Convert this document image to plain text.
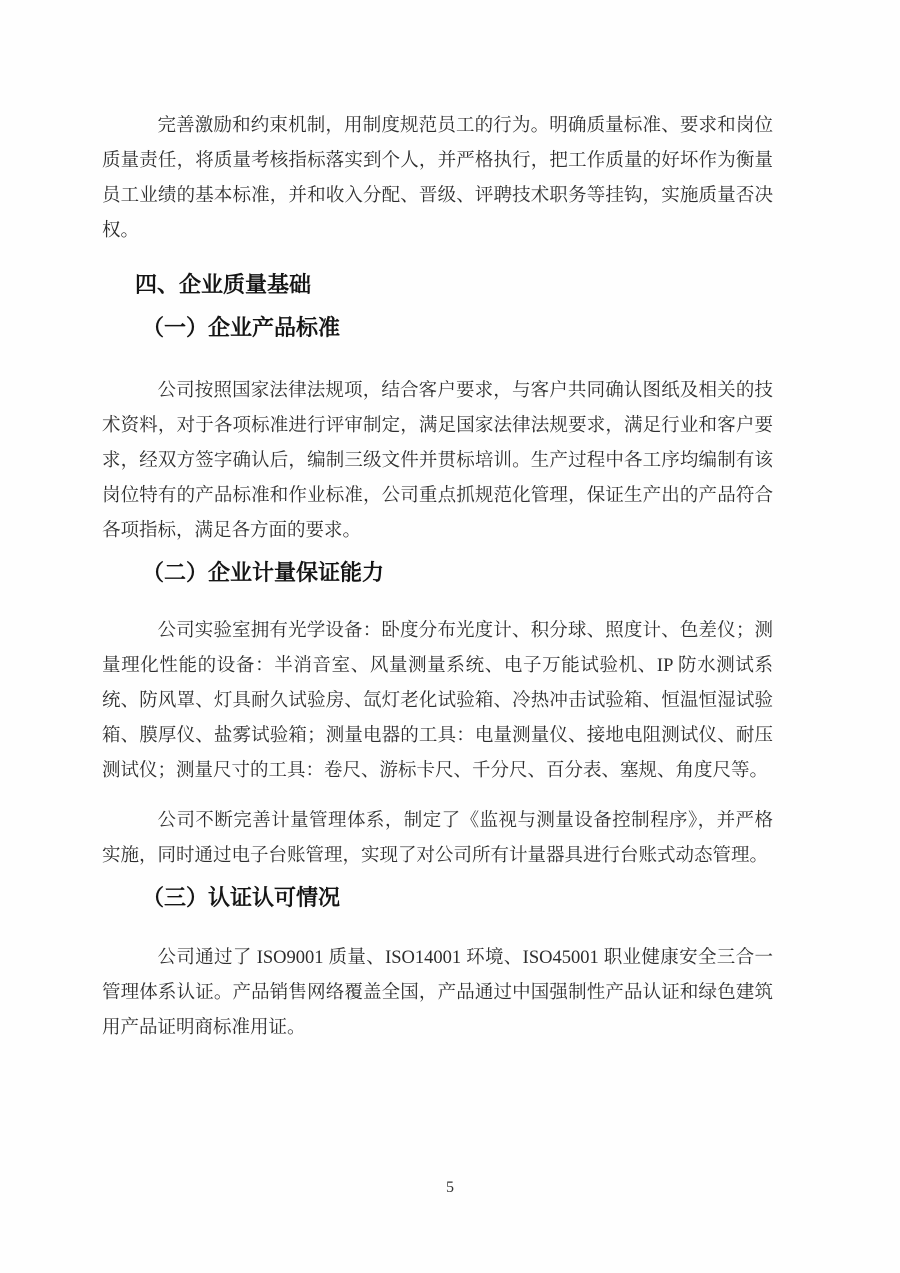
完善激励和约束机制，用制度规范员工的行为。明确质量标准、要求和岗位质量责任，将质量考核指标落实到个人，并严格执行，把工作质量的好坏作为衡量员工业绩的基本标准，并和收入分配、晋级、评聘技术职务等挂钩，实施质量否决权。

四、企业质量基础
（一）企业产品标准

公司按照国家法律法规项，结合客户要求，与客户共同确认图纸及相关的技术资料，对于各项标准进行评审制定，满足国家法律法规要求，满足行业和客户要求，经双方签字确认后，编制三级文件并贯标培训。生产过程中各工序均编制有该岗位特有的产品标准和作业标准，公司重点抓规范化管理，保证生产出的产品符合各项指标，满足各方面的要求。

（二）企业计量保证能力

公司实验室拥有光学设备：卧度分布光度计、积分球、照度计、色差仪；测量理化性能的设备：半消音室、风量测量系统、电子万能试验机、IP 防水测试系统、防风罩、灯具耐久试验房、氙灯老化试验箱、冷热冲击试验箱、恒温恒湿试验箱、膜厚仪、盐雾试验箱；测量电器的工具：电量测量仪、接地电阻测试仪、耐压测试仪；测量尺寸的工具：卷尺、游标卡尺、千分尺、百分表、塞规、角度尺等。

公司不断完善计量管理体系，制定了《监视与测量设备控制程序》，并严格实施，同时通过电子台账管理，实现了对公司所有计量器具进行台账式动态管理。

（三）认证认可情况

公司通过了 ISO9001 质量、ISO14001 环境、ISO45001 职业健康安全三合一管理体系认证。产品销售网络覆盖全国，产品通过中国强制性产品认证和绿色建筑用产品证明商标准用证。

5
